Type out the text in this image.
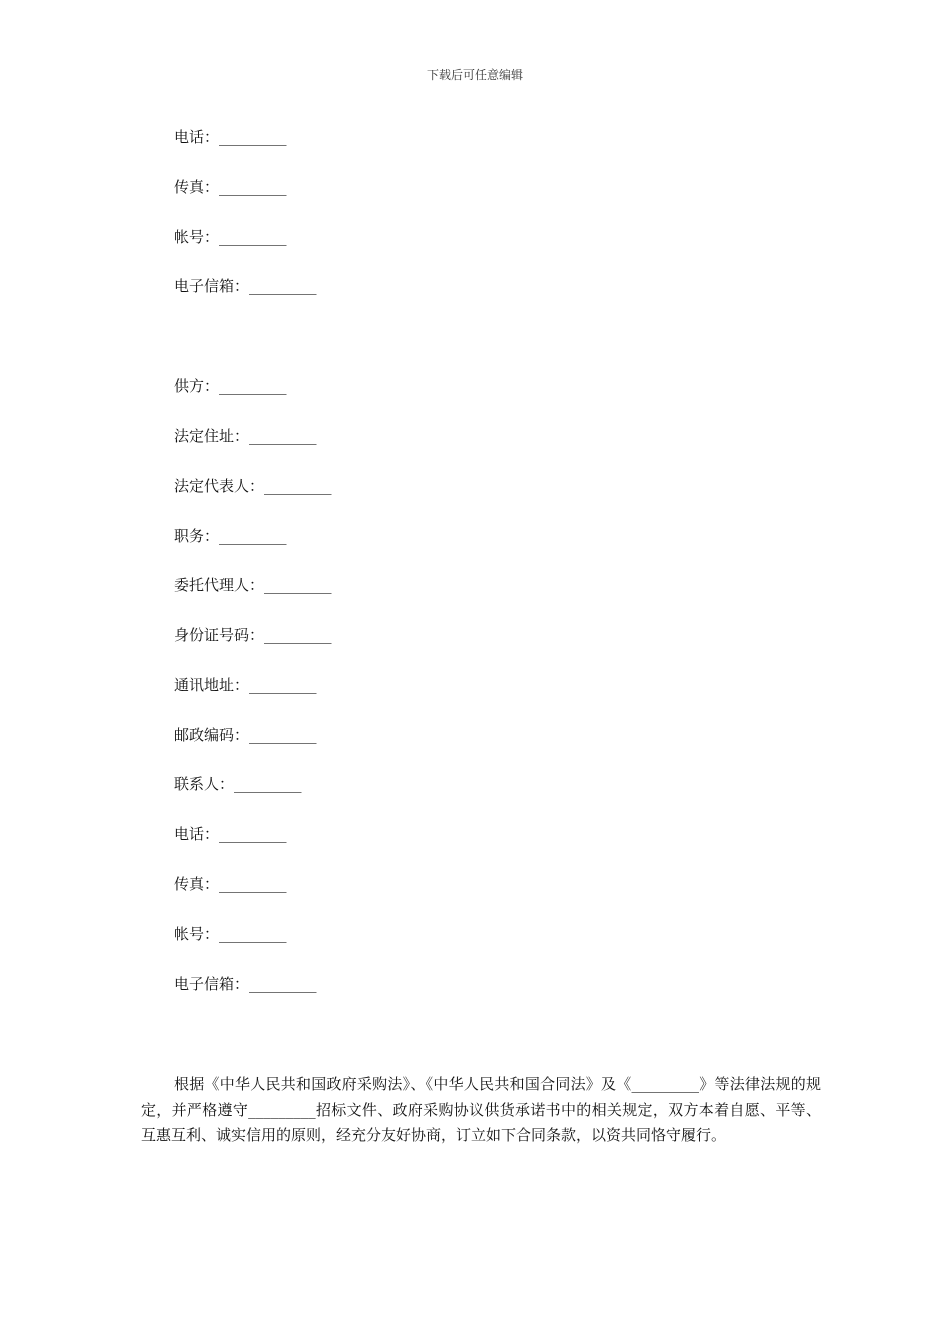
下载后可任意编辑
电话：_________
传真：_________
帐号：_________
电子信箱：_________
供方：_________
法定住址：_________
法定代表人：_________
职务：_________
委托代理人：_________
身份证号码：_________
通讯地址：_________
邮政编码：_________
联系人：_________
电话：_________
传真：_________
帐号：_________
电子信箱：_________
根据《中华人民共和国政府采购法》、《中华人民共和国合同法》及《_________》等法律法规的规定，并严格遵守_________招标文件、政府采购协议供货承诺书中的相关规定，双方本着自愿、平等、互惠互利、诚实信用的原则，经充分友好协商，订立如下合同条款，以资共同恪守履行。
